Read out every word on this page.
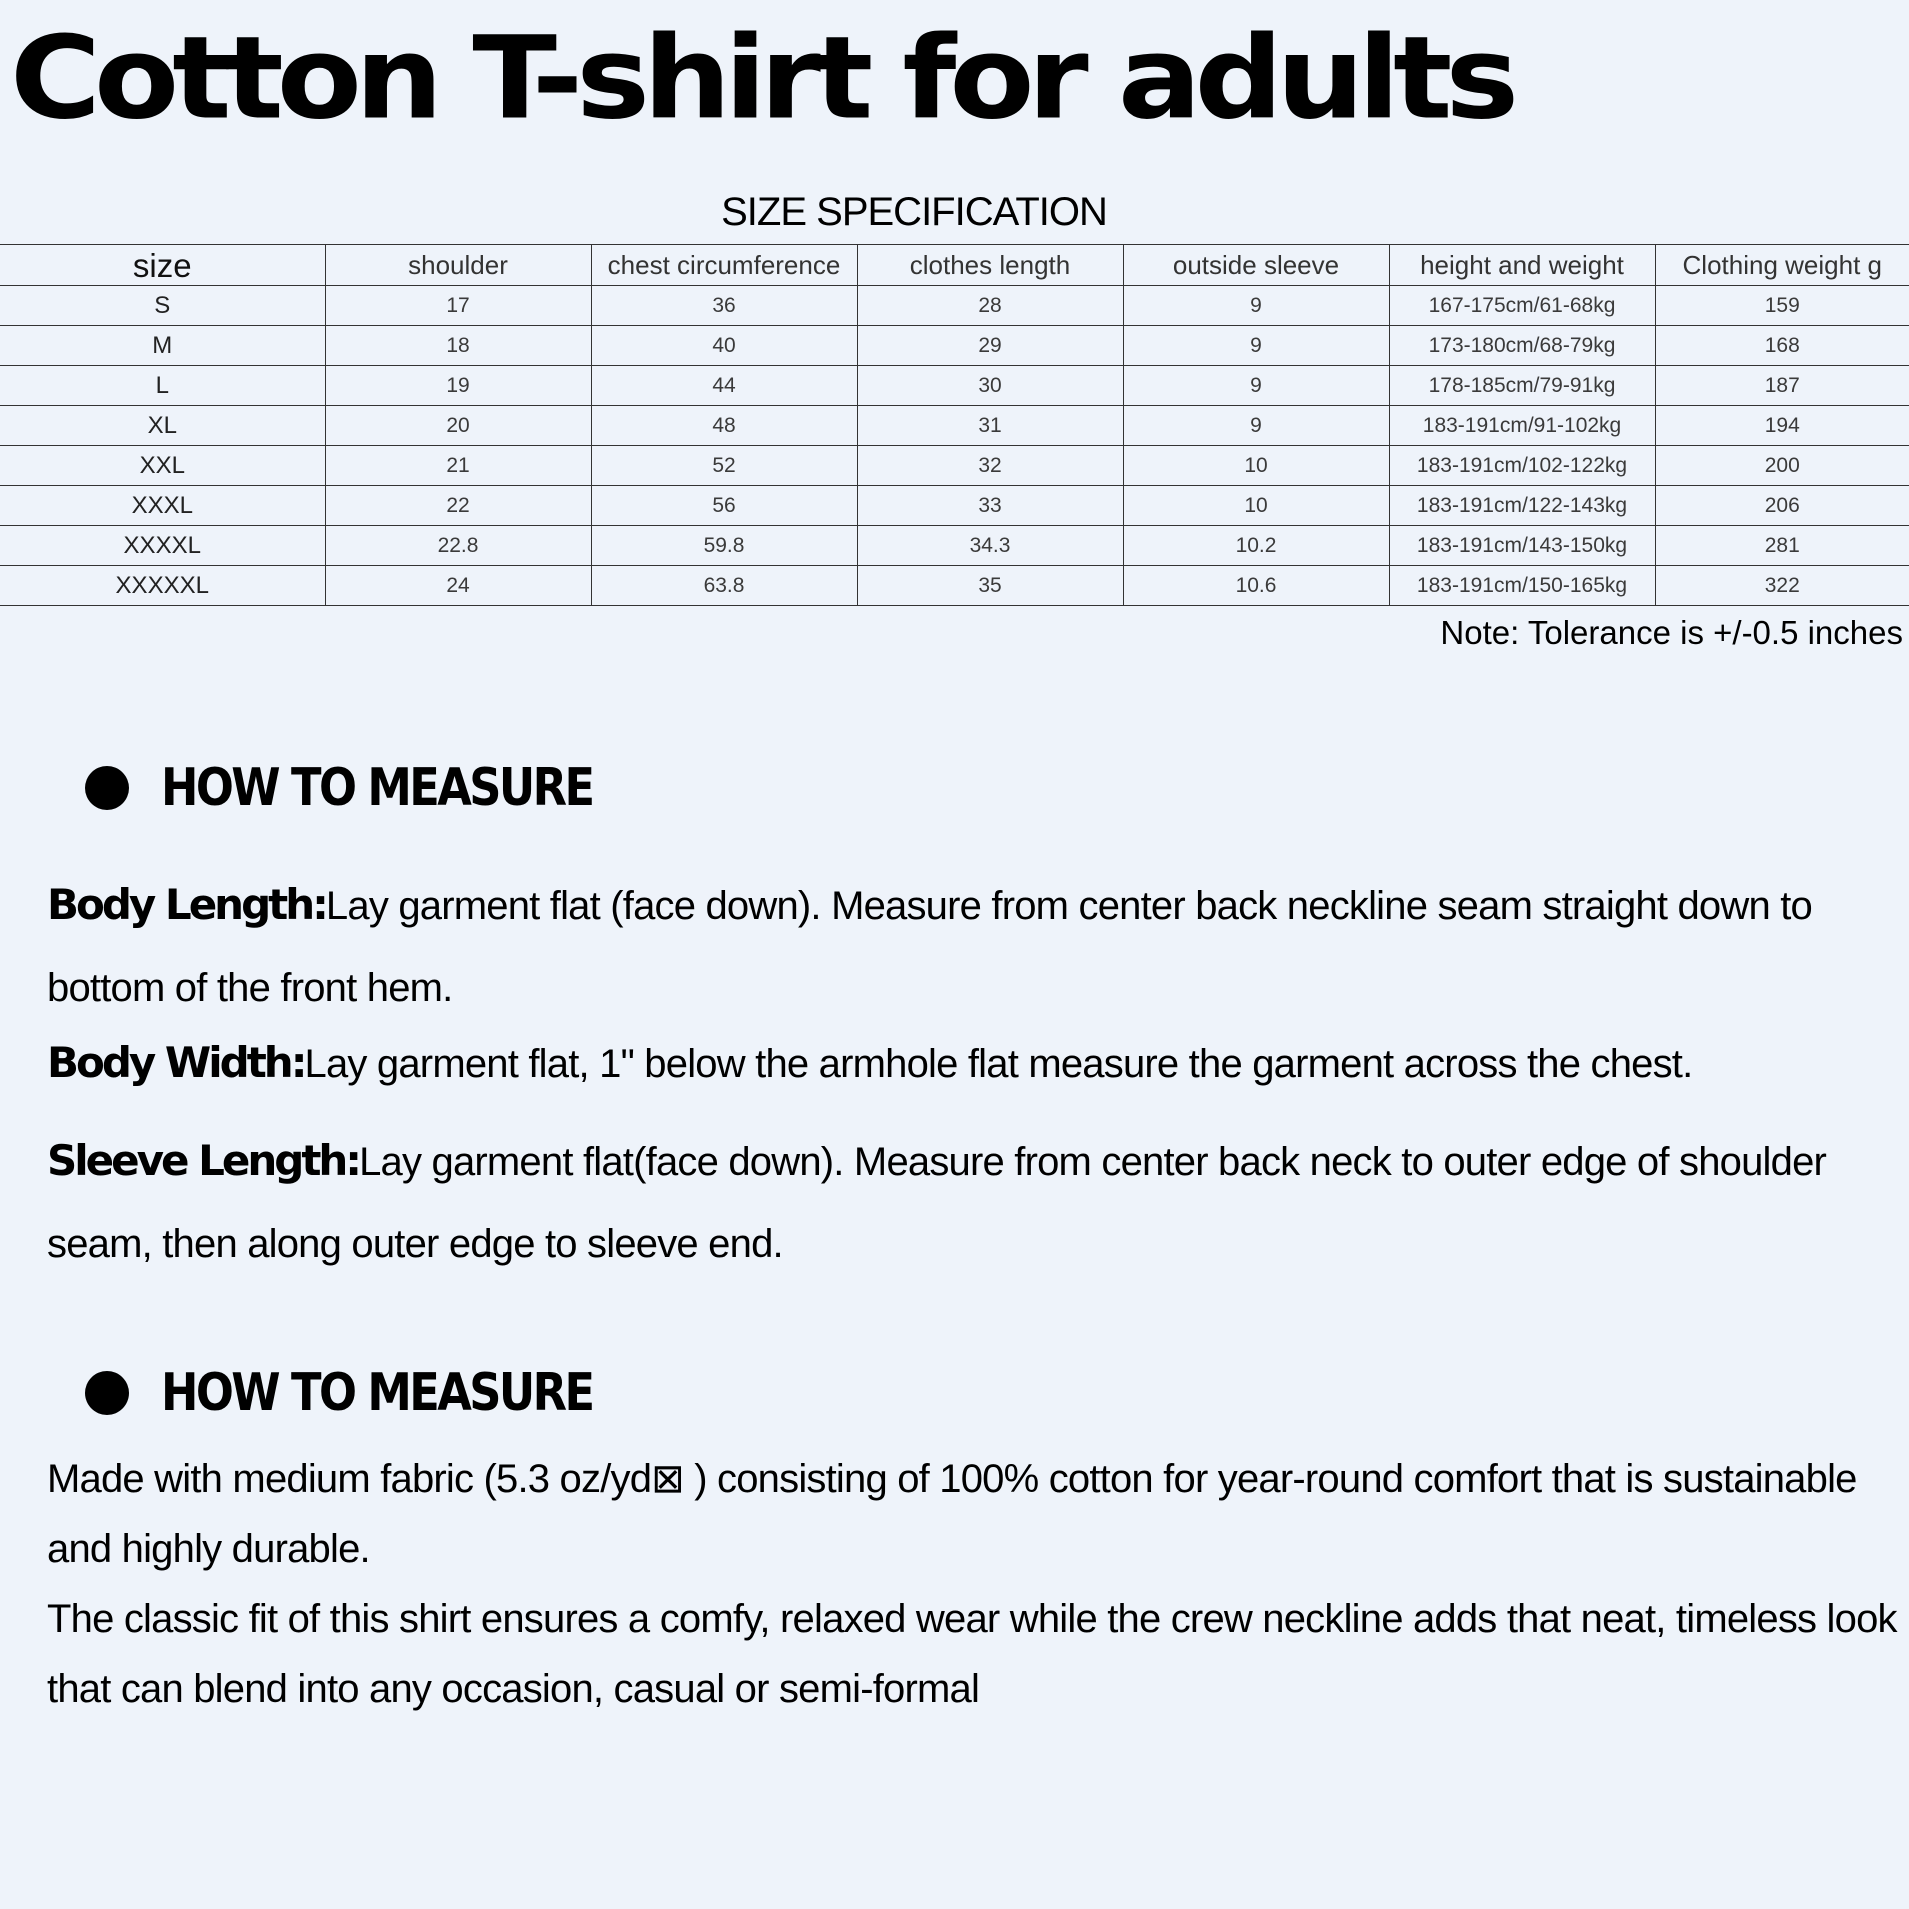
Cotton T-shirt for adults
SIZE SPECIFICATION
size	shoulder	chest circumference	clothes length	outside sleeve	height and weight	Clothing weight g
S	17	36	28	9	167-175cm/61-68kg	159
M	18	40	29	9	173-180cm/68-79kg	168
L	19	44	30	9	178-185cm/79-91kg	187
XL	20	48	31	9	183-191cm/91-102kg	194
XXL	21	52	32	10	183-191cm/102-122kg	200
XXXL	22	56	33	10	183-191cm/122-143kg	206
XXXXL	22.8	59.8	34.3	10.2	183-191cm/143-150kg	281
XXXXXL	24	63.8	35	10.6	183-191cm/150-165kg	322
Note: Tolerance is +/-0.5 inches
HOW TO MEASURE

Body Length:Lay garment flat (face down). Measure from center back neckline seam straight down to bottom of the front hem.

Body Width:Lay garment flat, 1" below the armhole flat measure the garment across the chest.

Sleeve Length:Lay garment flat(face down). Measure from center back neck to outer edge of shoulder seam, then along outer edge to sleeve end.

HOW TO MEASURE

Made with medium fabric (5.3 oz/yd⊠ ) consisting of 100% cotton for year-round comfort that is sustainable and highly durable.

The classic fit of this shirt ensures a comfy, relaxed wear while the crew neckline adds that neat, timeless look that can blend into any occasion, casual or semi-formal
